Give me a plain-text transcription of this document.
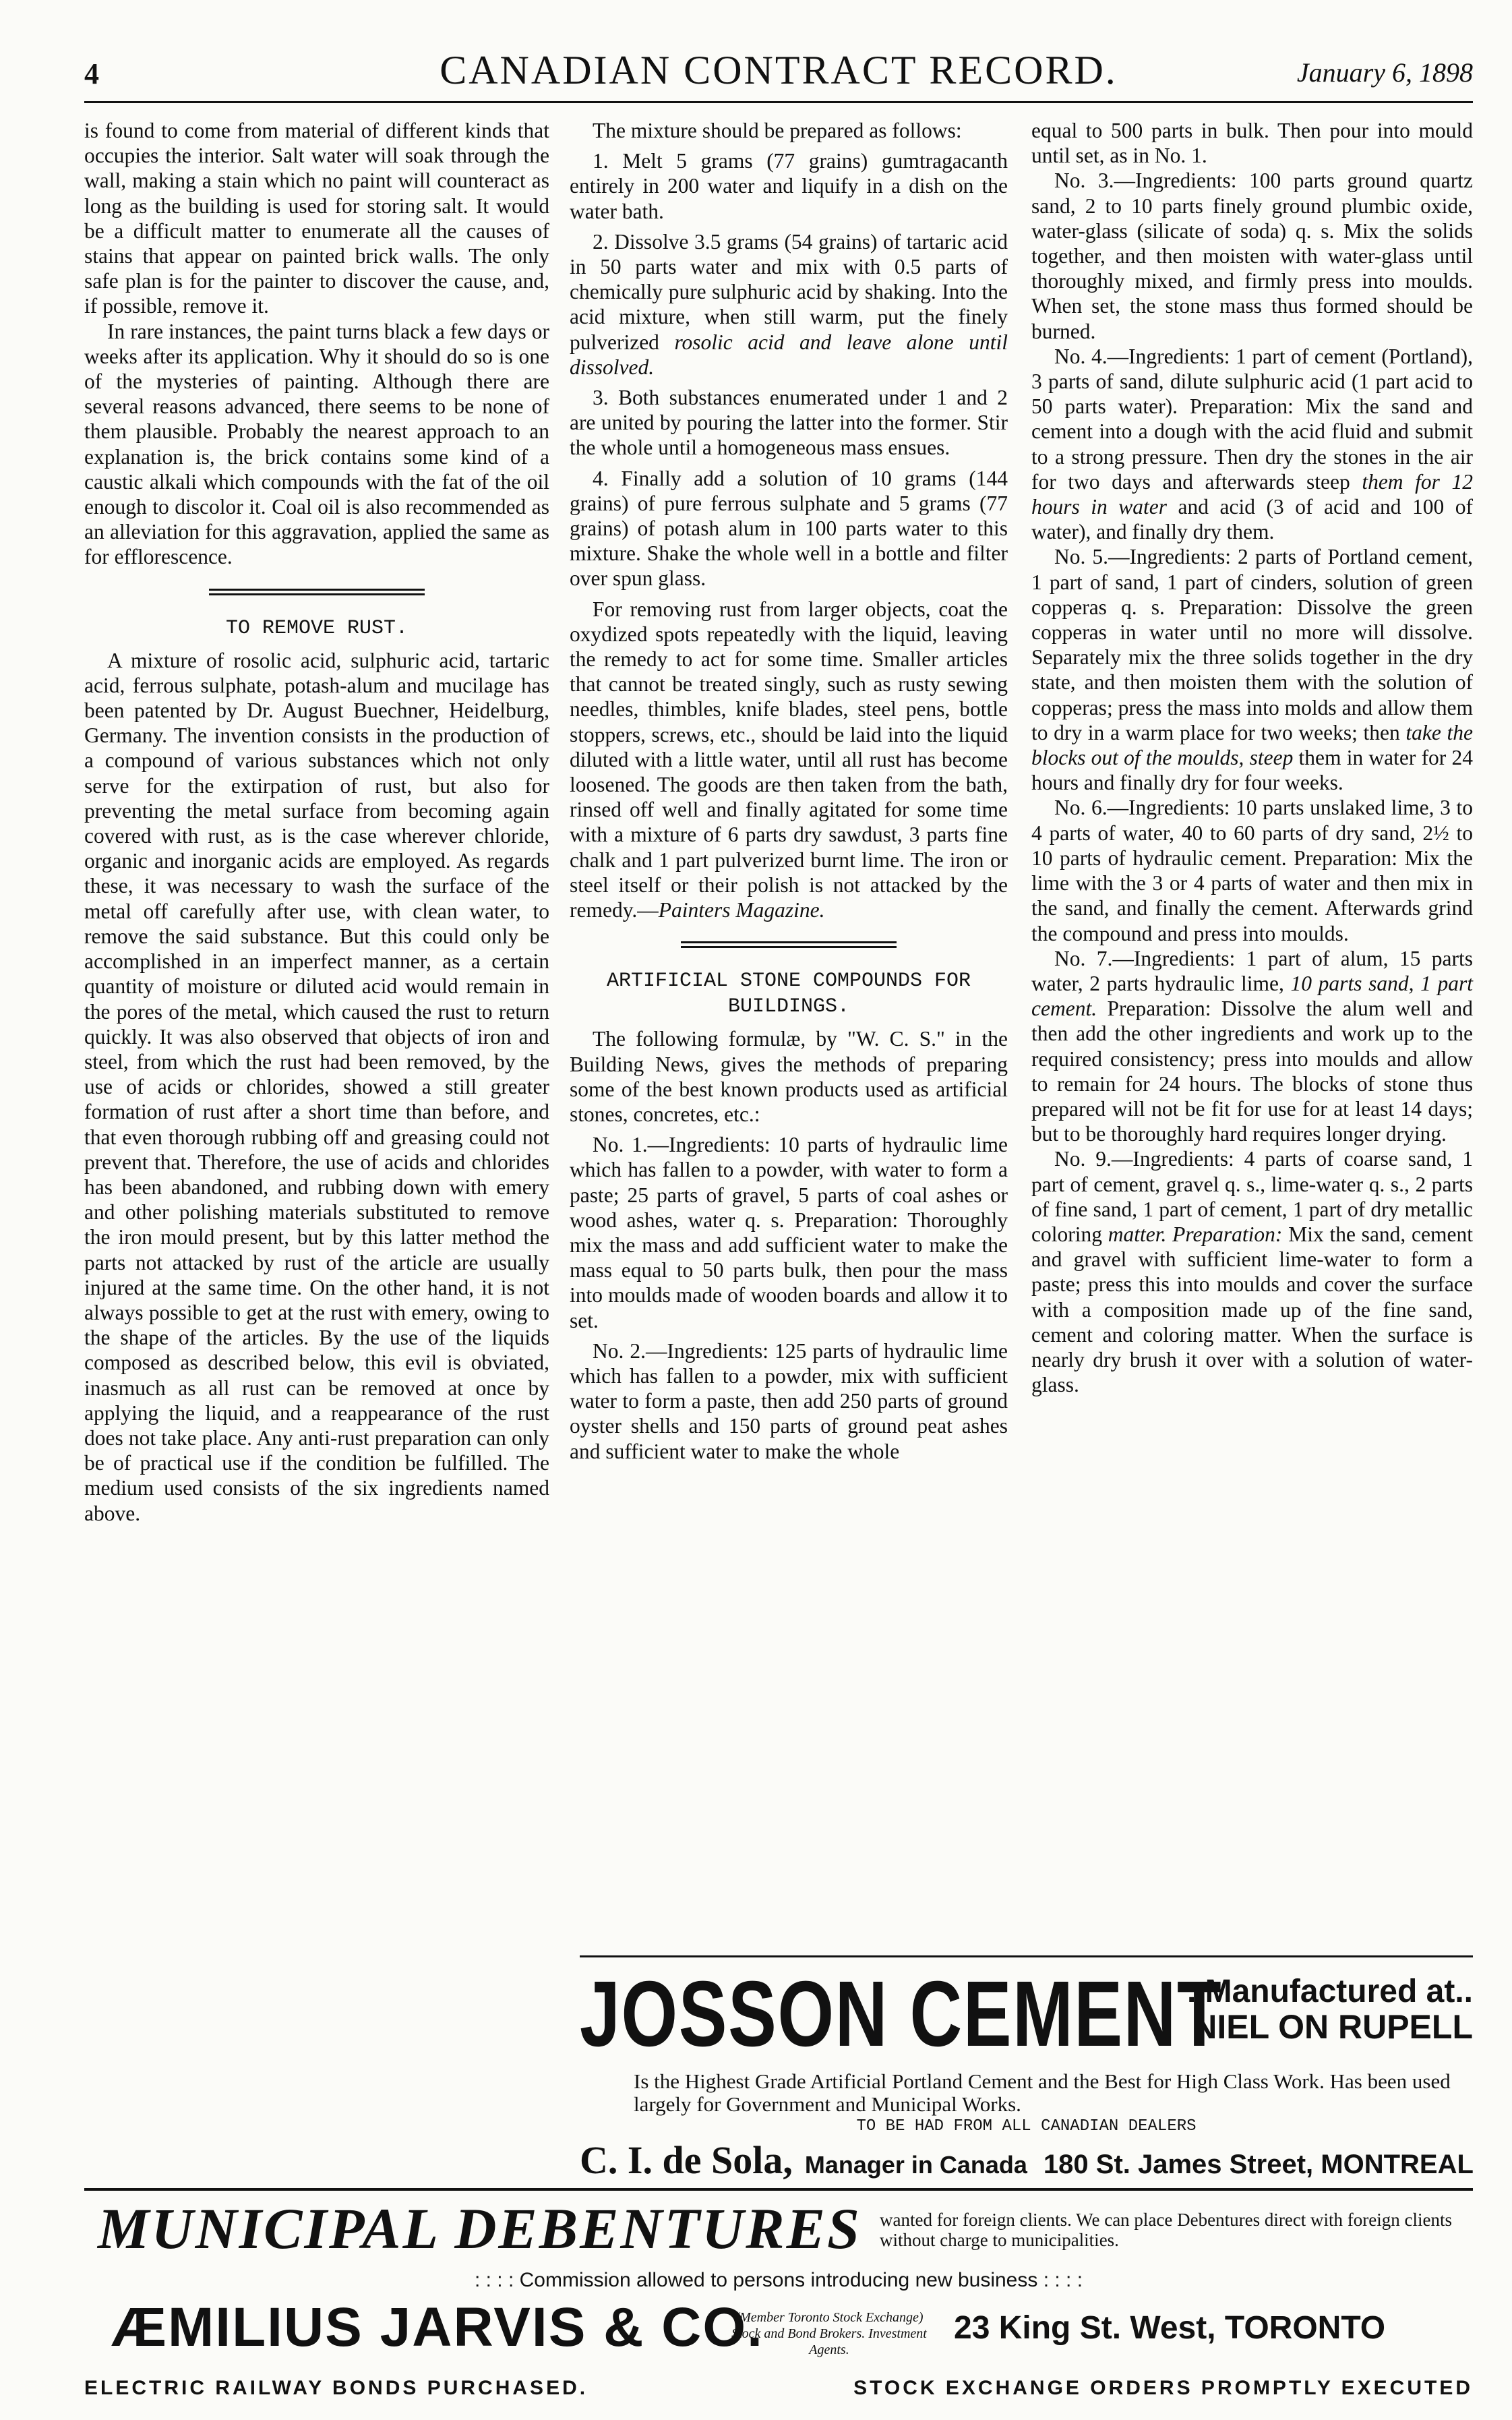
4	CANADIAN CONTRACT RECORD.	January 6, 1898

is found to come from material of different kinds that occupies the interior. Salt water will soak through the wall, making a stain which no paint will counteract as long as the building is used for storing salt. It would be a difficult matter to enumerate all the causes of stains that appear on painted brick walls. The only safe plan is for the painter to discover the cause, and, if possible, remove it.

In rare instances, the paint turns black a few days or weeks after its application. Why it should do so is one of the mysteries of painting. Although there are several reasons advanced, there seems to be none of them plausible. Probably the nearest approach to an explanation is, the brick contains some kind of a caustic alkali which compounds with the fat of the oil enough to discolor it. Coal oil is also recommended as an alleviation for this aggravation, applied the same as for efflorescence.

TO REMOVE RUST.

A mixture of rosolic acid, sulphuric acid, tartaric acid, ferrous sulphate, potash-alum and mucilage has been patented by Dr. August Buechner, Heidelburg, Germany. The invention consists in the production of a compound of various substances which not only serve for the extirpation of rust, but also for preventing the metal surface from becoming again covered with rust, as is the case wherever chloride, organic and inorganic acids are employed. As regards these, it was necessary to wash the surface of the metal off carefully after use, with clean water, to remove the said substance. But this could only be accomplished in an imperfect manner, as a certain quantity of moisture or diluted acid would remain in the pores of the metal, which caused the rust to return quickly. It was also observed that objects of iron and steel, from which the rust had been removed, by the use of acids or chlorides, showed a still greater formation of rust after a short time than before, and that even thorough rubbing off and greasing could not prevent that. Therefore, the use of acids and chlorides has been abandoned, and rubbing down with emery and other polishing materials substituted to remove the iron mould present, but by this latter method the parts not attacked by rust of the article are usually injured at the same time. On the other hand, it is not always possible to get at the rust with emery, owing to the shape of the articles. By the use of the liquids composed as described below, this evil is obviated, inasmuch as all rust can be removed at once by applying the liquid, and a reappearance of the rust does not take place. Any anti-rust preparation can only be of practical use if the condition be fulfilled. The medium used consists of the six ingredients named above.

The mixture should be prepared as follows:

1. Melt 5 grams (77 grains) gumtragacanth entirely in 200 water and liquify in a dish on the water bath.

2. Dissolve 3.5 grams (54 grains) of tartaric acid in 50 parts water and mix with 0.5 parts of chemically pure sulphuric acid by shaking. Into the acid mixture, when still warm, put the finely pulverized rosolic acid and leave alone until dissolved.

3. Both substances enumerated under 1 and 2 are united by pouring the latter into the former. Stir the whole until a homogeneous mass ensues.

4. Finally add a solution of 10 grams (144 grains) of pure ferrous sulphate and 5 grams (77 grains) of potash alum in 100 parts water to this mixture. Shake the whole well in a bottle and filter over spun glass.

For removing rust from larger objects, coat the oxydized spots repeatedly with the liquid, leaving the remedy to act for some time. Smaller articles that cannot be treated singly, such as rusty sewing needles, thimbles, knife blades, steel pens, bottle stoppers, screws, etc., should be laid into the liquid diluted with a little water, until all rust has become loosened. The goods are then taken from the bath, rinsed off well and finally agitated for some time with a mixture of 6 parts dry sawdust, 3 parts fine chalk and 1 part pulverized burnt lime. The iron or steel itself or their polish is not attacked by the remedy.—Painters Magazine.

ARTIFICIAL STONE COMPOUNDS FOR BUILDINGS.

The following formulæ, by "W. C. S." in the Building News, gives the methods of preparing some of the best known products used as artificial stones, concretes, etc.:

No. 1.—Ingredients: 10 parts of hydraulic lime which has fallen to a powder, with water to form a paste; 25 parts of gravel, 5 parts of coal ashes or wood ashes, water q. s. Preparation: Thoroughly mix the mass and add sufficient water to make the mass equal to 50 parts bulk, then pour the mass into moulds made of wooden boards and allow it to set.

No. 2.—Ingredients: 125 parts of hydraulic lime which has fallen to a powder, mix with sufficient water to form a paste, then add 250 parts of ground oyster shells and 150 parts of ground peat ashes and sufficient water to make the whole

equal to 500 parts in bulk. Then pour into mould until set, as in No. 1.

No. 3.—Ingredients: 100 parts ground quartz sand, 2 to 10 parts finely ground plumbic oxide, water-glass (silicate of soda) q. s. Mix the solids together, and then moisten with water-glass until thoroughly mixed, and firmly press into moulds. When set, the stone mass thus formed should be burned.

No. 4.—Ingredients: 1 part of cement (Portland), 3 parts of sand, dilute sulphuric acid (1 part acid to 50 parts water). Preparation: Mix the sand and cement into a dough with the acid fluid and submit to a strong pressure. Then dry the stones in the air for two days and afterwards steep them for 12 hours in water and acid (3 of acid and 100 of water), and finally dry them.

No. 5.—Ingredients: 2 parts of Portland cement, 1 part of sand, 1 part of cinders, solution of green copperas q. s. Preparation: Dissolve the green copperas in water until no more will dissolve. Separately mix the three solids together in the dry state, and then moisten them with the solution of copperas; press the mass into molds and allow them to dry in a warm place for two weeks; then take the blocks out of the moulds, steep them in water for 24 hours and finally dry for four weeks.

No. 6.—Ingredients: 10 parts unslaked lime, 3 to 4 parts of water, 40 to 60 parts of dry sand, 2½ to 10 parts of hydraulic cement. Preparation: Mix the lime with the 3 or 4 parts of water and then mix in the sand, and finally the cement. Afterwards grind the compound and press into moulds.

No. 7.—Ingredients: 1 part of alum, 15 parts water, 2 parts hydraulic lime, 10 parts sand, 1 part cement. Preparation: Dissolve the alum well and then add the other ingredients and work up to the required consistency; press into moulds and allow to remain for 24 hours. The blocks of stone thus prepared will not be fit for use for at least 14 days; but to be thoroughly hard requires longer drying.

No. 9.—Ingredients: 4 parts of coarse sand, 1 part of cement, gravel q. s., lime-water q. s., 2 parts of fine sand, 1 part of cement, 1 part of dry metallic coloring matter. Preparation: Mix the sand, cement and gravel with sufficient lime-water to form a paste; press this into moulds and cover the surface with a composition made up of the fine sand, cement and coloring matter. When the surface is nearly dry brush it over with a solution of water-glass.

JOSSON CEMENT
..Manufactured at..
NIEL ON RUPELL
Is the Highest Grade Artificial Portland Cement and the Best for High Class Work. Has been used largely for Government and Municipal Works.
TO BE HAD FROM ALL CANADIAN DEALERS
C. I. de Sola, Manager in Canada 180 St. James Street, MONTREAL
MUNICIPAL DEBENTURES wanted for foreign clients. We can place Debentures direct with foreign clients without charge to municipalities.
: : : : Commission allowed to persons introducing new business : : : :
ÆMILIUS JARVIS & CO.
(Member Toronto Stock Exchange)
Stock and Bond Brokers. Investment Agents.
23 King St. West, TORONTO
ELECTRIC RAILWAY BONDS PURCHASED.	STOCK EXCHANGE ORDERS PROMPTLY EXECUTED
